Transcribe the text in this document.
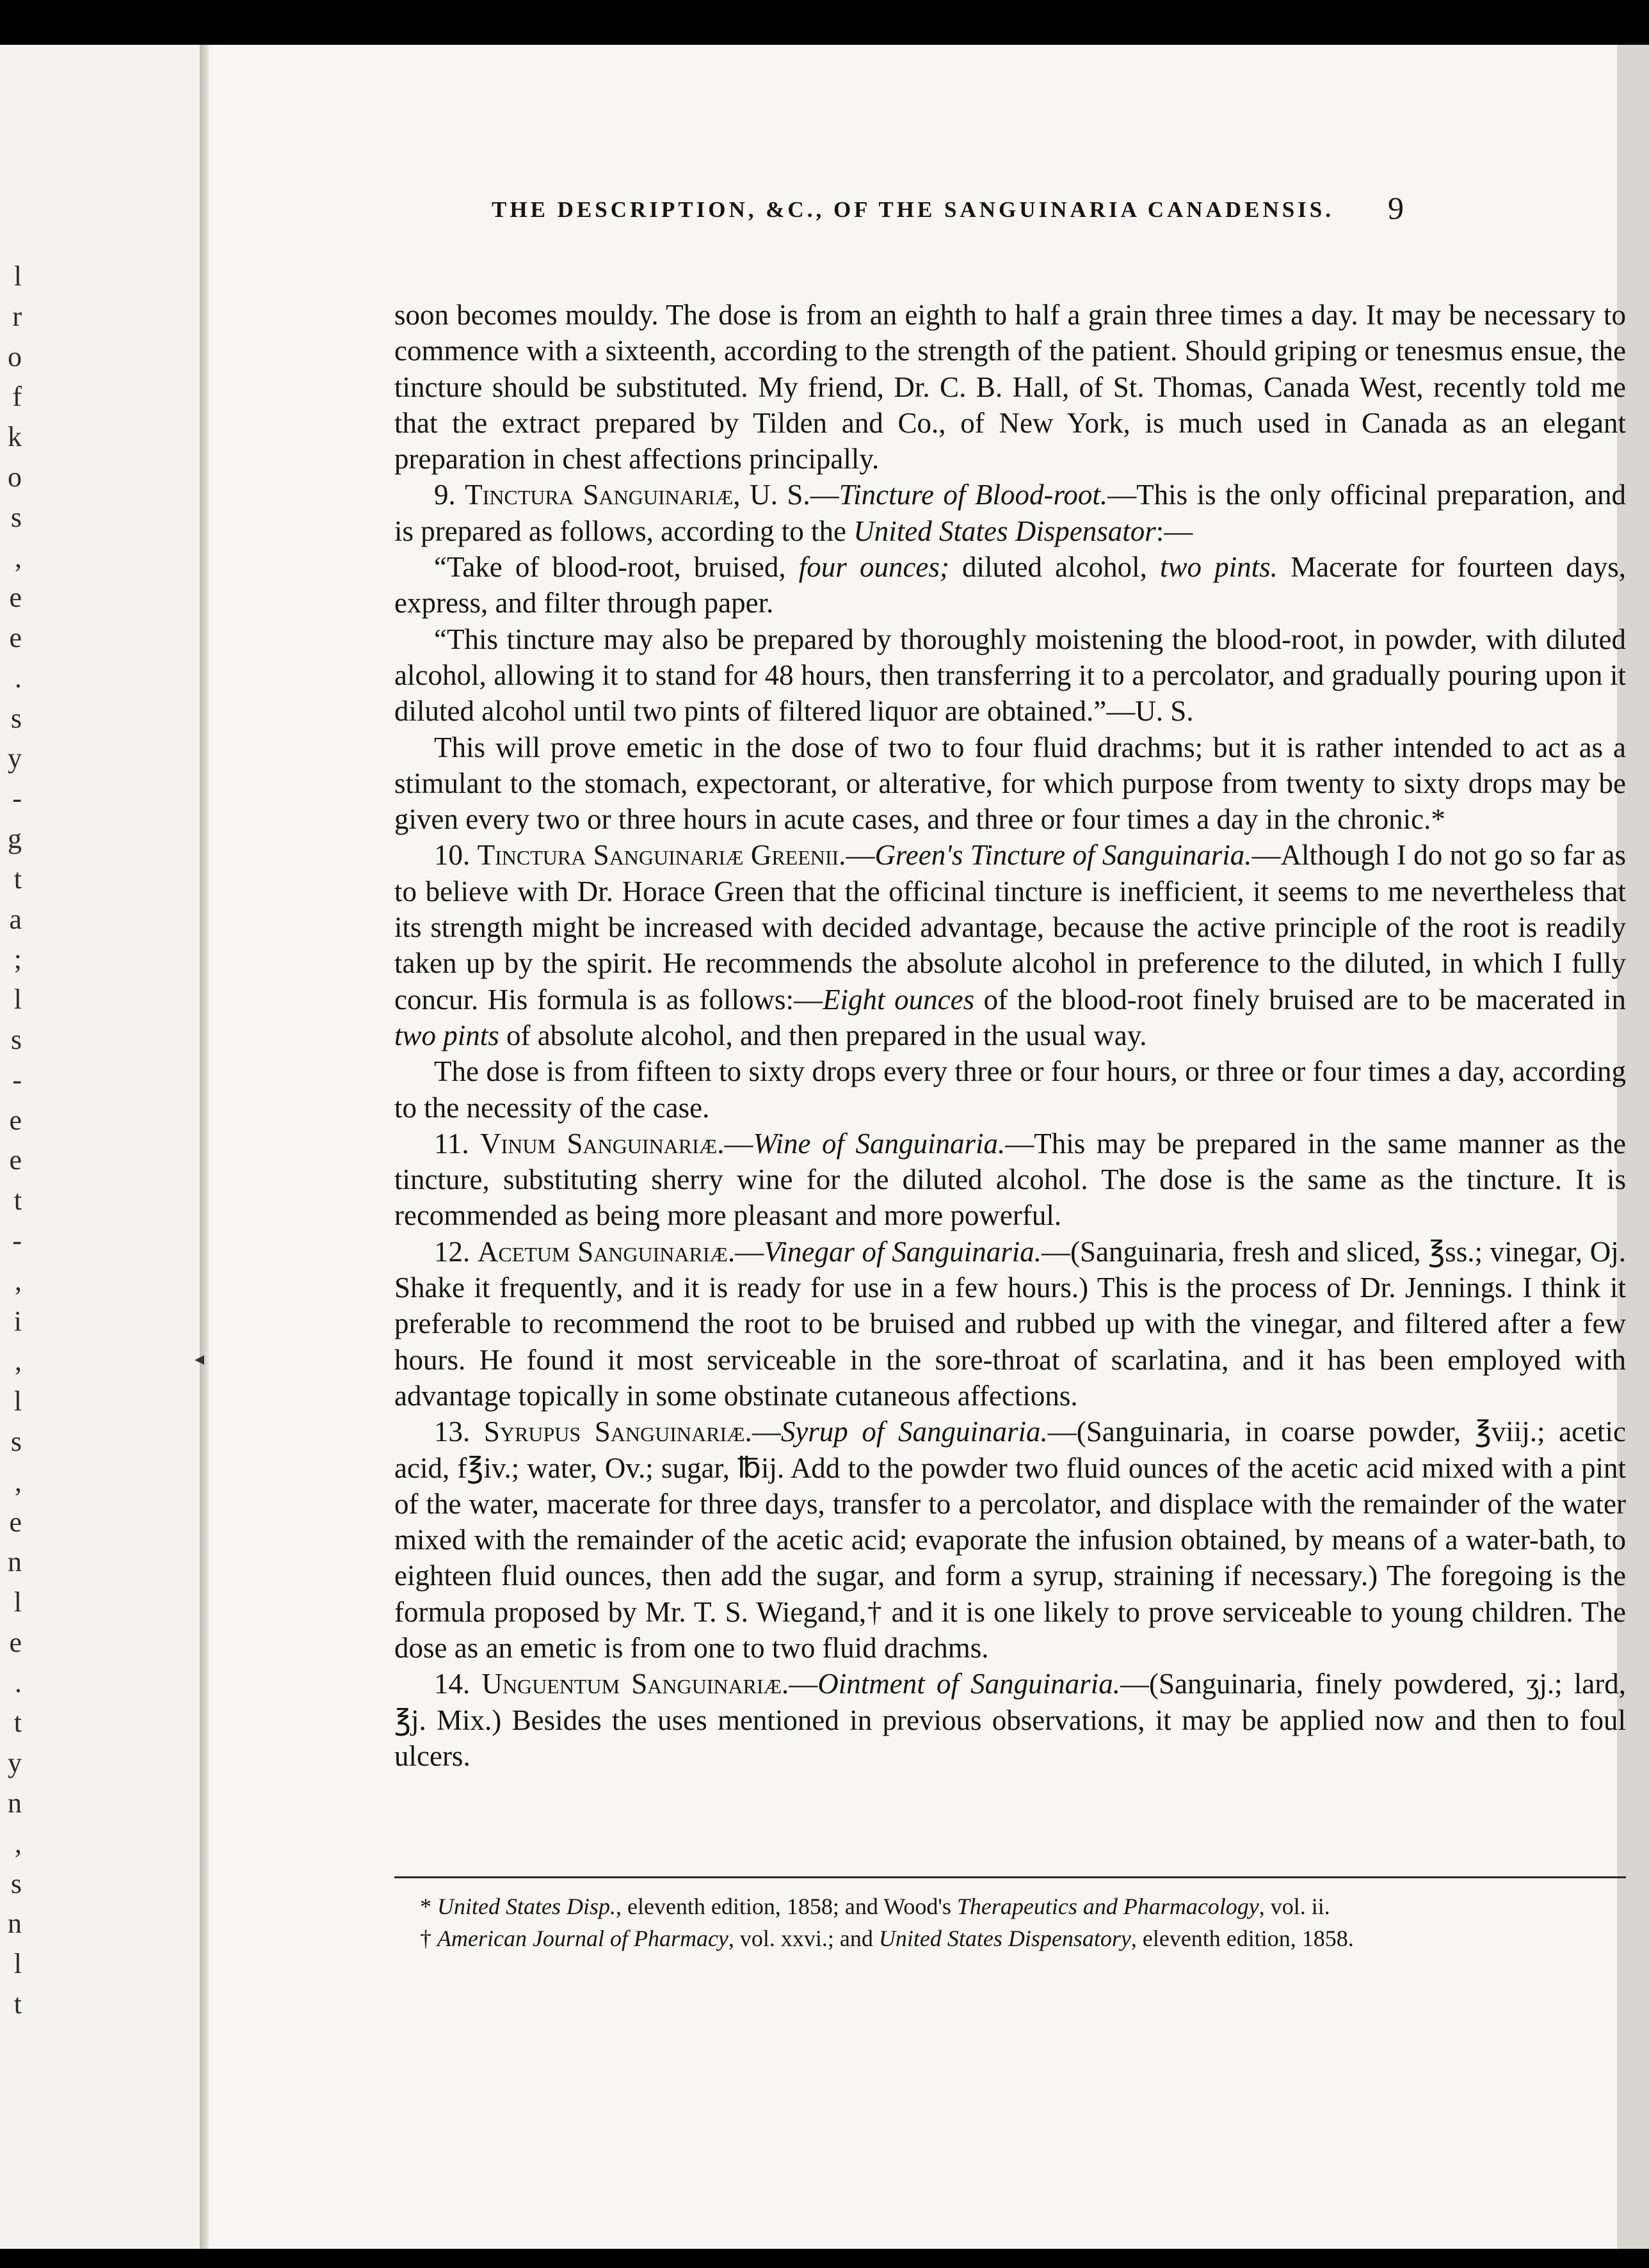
l
r
o
f
k
o
s
,
e
e
.
s
y
-
g
t
a
;
l
s
-
e
e
t
-
,
i
,
l
s
,
e
n
l
e
.
t
y
n
,
s
n
l
t
◂
THE DESCRIPTION, &C., OF THE SANGUINARIA CANADENSIS. 9

soon becomes mouldy. The dose is from an eighth to half a grain three times a day. It may be necessary to commence with a sixteenth, according to the strength of the patient. Should griping or tenesmus ensue, the tincture should be substituted. My friend, Dr. C. B. Hall, of St. Thomas, Canada West, recently told me that the extract prepared by Tilden and Co., of New York, is much used in Canada as an elegant preparation in chest affections principally.

9. Tinctura Sanguinariæ, U. S.—Tincture of Blood-root.—This is the only officinal preparation, and is prepared as follows, according to the United States Dispensator:—

“Take of blood-root, bruised, four ounces; diluted alcohol, two pints. Macerate for fourteen days, express, and filter through paper.

“This tincture may also be prepared by thoroughly moistening the blood-root, in powder, with diluted alcohol, allowing it to stand for 48 hours, then transferring it to a percolator, and gradually pouring upon it diluted alcohol until two pints of filtered liquor are obtained.”—U. S.

This will prove emetic in the dose of two to four fluid drachms; but it is rather intended to act as a stimulant to the stomach, expectorant, or alterative, for which purpose from twenty to sixty drops may be given every two or three hours in acute cases, and three or four times a day in the chronic.*

10. Tinctura Sanguinariæ Greenii.—Green's Tincture of Sanguinaria.—Although I do not go so far as to believe with Dr. Horace Green that the officinal tincture is inefficient, it seems to me nevertheless that its strength might be increased with decided advantage, because the active principle of the root is readily taken up by the spirit. He recommends the absolute alcohol in preference to the diluted, in which I fully concur. His formula is as follows:—Eight ounces of the blood-root finely bruised are to be macerated in two pints of absolute alcohol, and then prepared in the usual way.

The dose is from fifteen to sixty drops every three or four hours, or three or four times a day, according to the necessity of the case.

11. Vinum Sanguinariæ.—Wine of Sanguinaria.—This may be prepared in the same manner as the tincture, substituting sherry wine for the diluted alcohol. The dose is the same as the tincture. It is recommended as being more pleasant and more powerful.

12. Acetum Sanguinariæ.—Vinegar of Sanguinaria.—(Sanguinaria, fresh and sliced, ℥ss.; vinegar, Oj. Shake it frequently, and it is ready for use in a few hours.) This is the process of Dr. Jennings. I think it preferable to recommend the root to be bruised and rubbed up with the vinegar, and filtered after a few hours. He found it most serviceable in the sore-throat of scarlatina, and it has been employed with advantage topically in some obstinate cutaneous affections.

13. Syrupus Sanguinariæ.—Syrup of Sanguinaria.—(Sanguinaria, in coarse powder, ℥viij.; acetic acid, f℥iv.; water, Ov.; sugar, ℔ij. Add to the powder two fluid ounces of the acetic acid mixed with a pint of the water, macerate for three days, transfer to a percolator, and displace with the remainder of the water mixed with the remainder of the acetic acid; evaporate the infusion obtained, by means of a water-bath, to eighteen fluid ounces, then add the sugar, and form a syrup, straining if necessary.) The foregoing is the formula proposed by Mr. T. S. Wiegand,† and it is one likely to prove serviceable to young children. The dose as an emetic is from one to two fluid drachms.

14. Unguentum Sanguinariæ.—Ointment of Sanguinaria.—(Sanguinaria, finely powdered, ʒj.; lard, ℥j. Mix.) Besides the uses mentioned in previous observations, it may be applied now and then to foul ulcers.

* United States Disp., eleventh edition, 1858; and Wood's Therapeutics and Pharmacology, vol. ii.

† American Journal of Pharmacy, vol. xxvi.; and United States Dispensatory, eleventh edition, 1858.
